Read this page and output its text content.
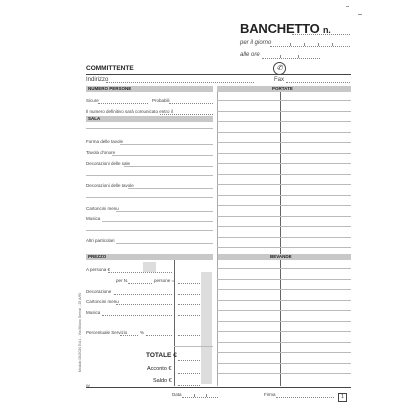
BANCHETTO n.
per il giorno
alle ore
COMMITTENTE	✆
Indirizzo	Fax
NUMERO PERSONE	PORTATE
Sicure	Probabili
Il numero definitivo sarà comunicato entro il
SALA
Forma delle tavole
Tavola d'onore
Decorazioni delle sale
Decorazioni delle tavole
Cartoncini menu
Musica
Altri particolari
PREZZO	BEVANDE
A persona €
per N.	persone =
Decorazione
Cartoncini menu
Musica
Percentuale Servizio	%
TOTALE €
Acconto €
Saldo €
W
Data	Firma	1
Modulo DU2020 Ed.1 - Via Milano Servizi - 25 A/90
